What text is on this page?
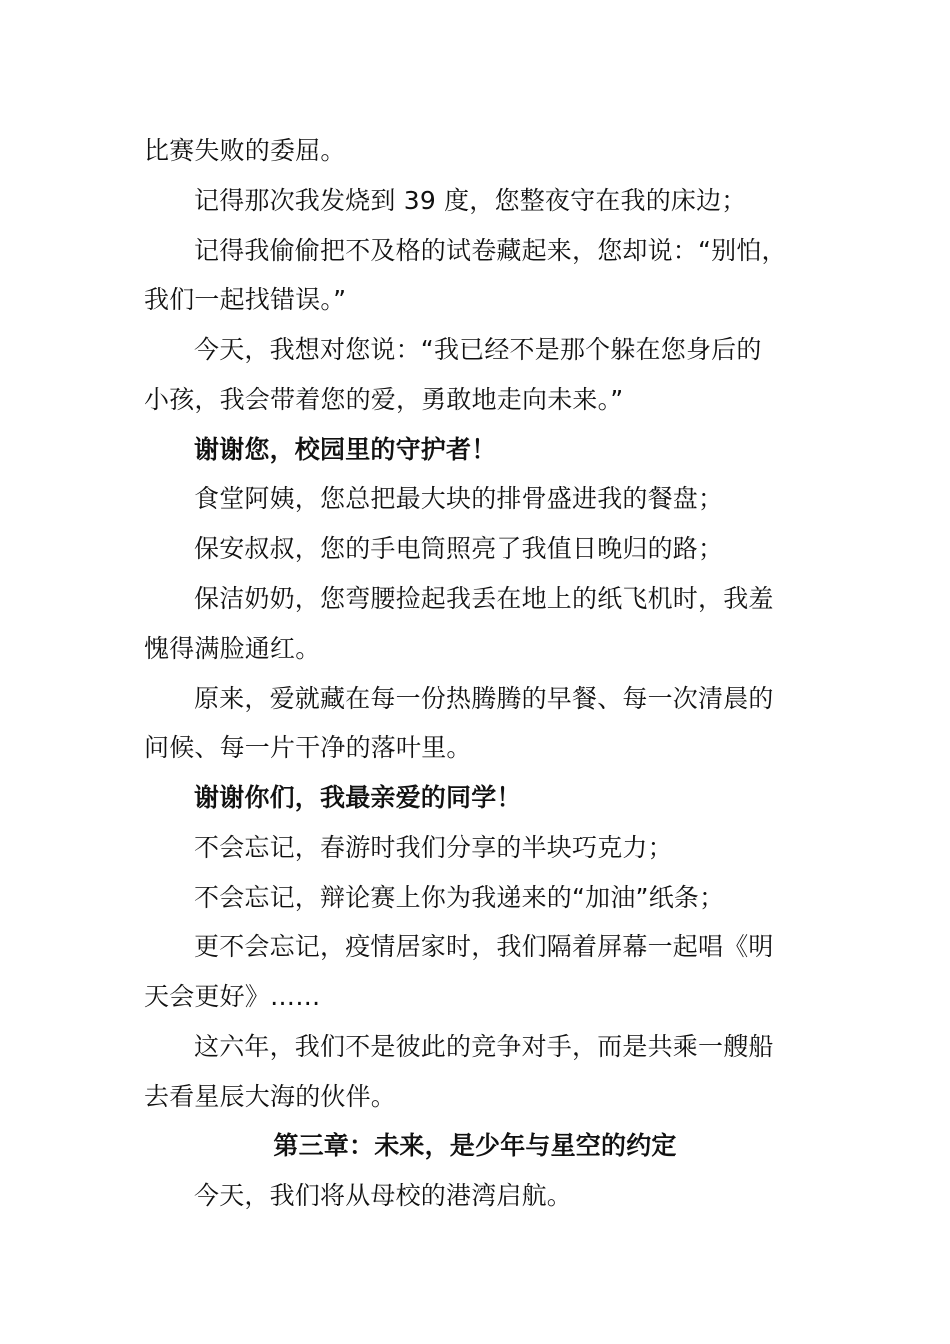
比赛失败的委屈。
记得那次我发烧到 39 度，您整夜守在我的床边；
记得我偷偷把不及格的试卷藏起来，您却说：“别怕，
我们一起找错误。”
今天，我想对您说：“我已经不是那个躲在您身后的
小孩，我会带着您的爱，勇敢地走向未来。”
谢谢您，校园里的守护者！
食堂阿姨，您总把最大块的排骨盛进我的餐盘；
保安叔叔，您的手电筒照亮了我值日晚归的路；
保洁奶奶，您弯腰捡起我丢在地上的纸飞机时，我羞
愧得满脸通红。
原来，爱就藏在每一份热腾腾的早餐、每一次清晨的
问候、每一片干净的落叶里。
谢谢你们，我最亲爱的同学！
不会忘记，春游时我们分享的半块巧克力；
不会忘记，辩论赛上你为我递来的“加油”纸条；
更不会忘记，疫情居家时，我们隔着屏幕一起唱《明
天会更好》……
这六年，我们不是彼此的竞争对手，而是共乘一艘船
去看星辰大海的伙伴。
第三章：未来，是少年与星空的约定
今天，我们将从母校的港湾启航。
